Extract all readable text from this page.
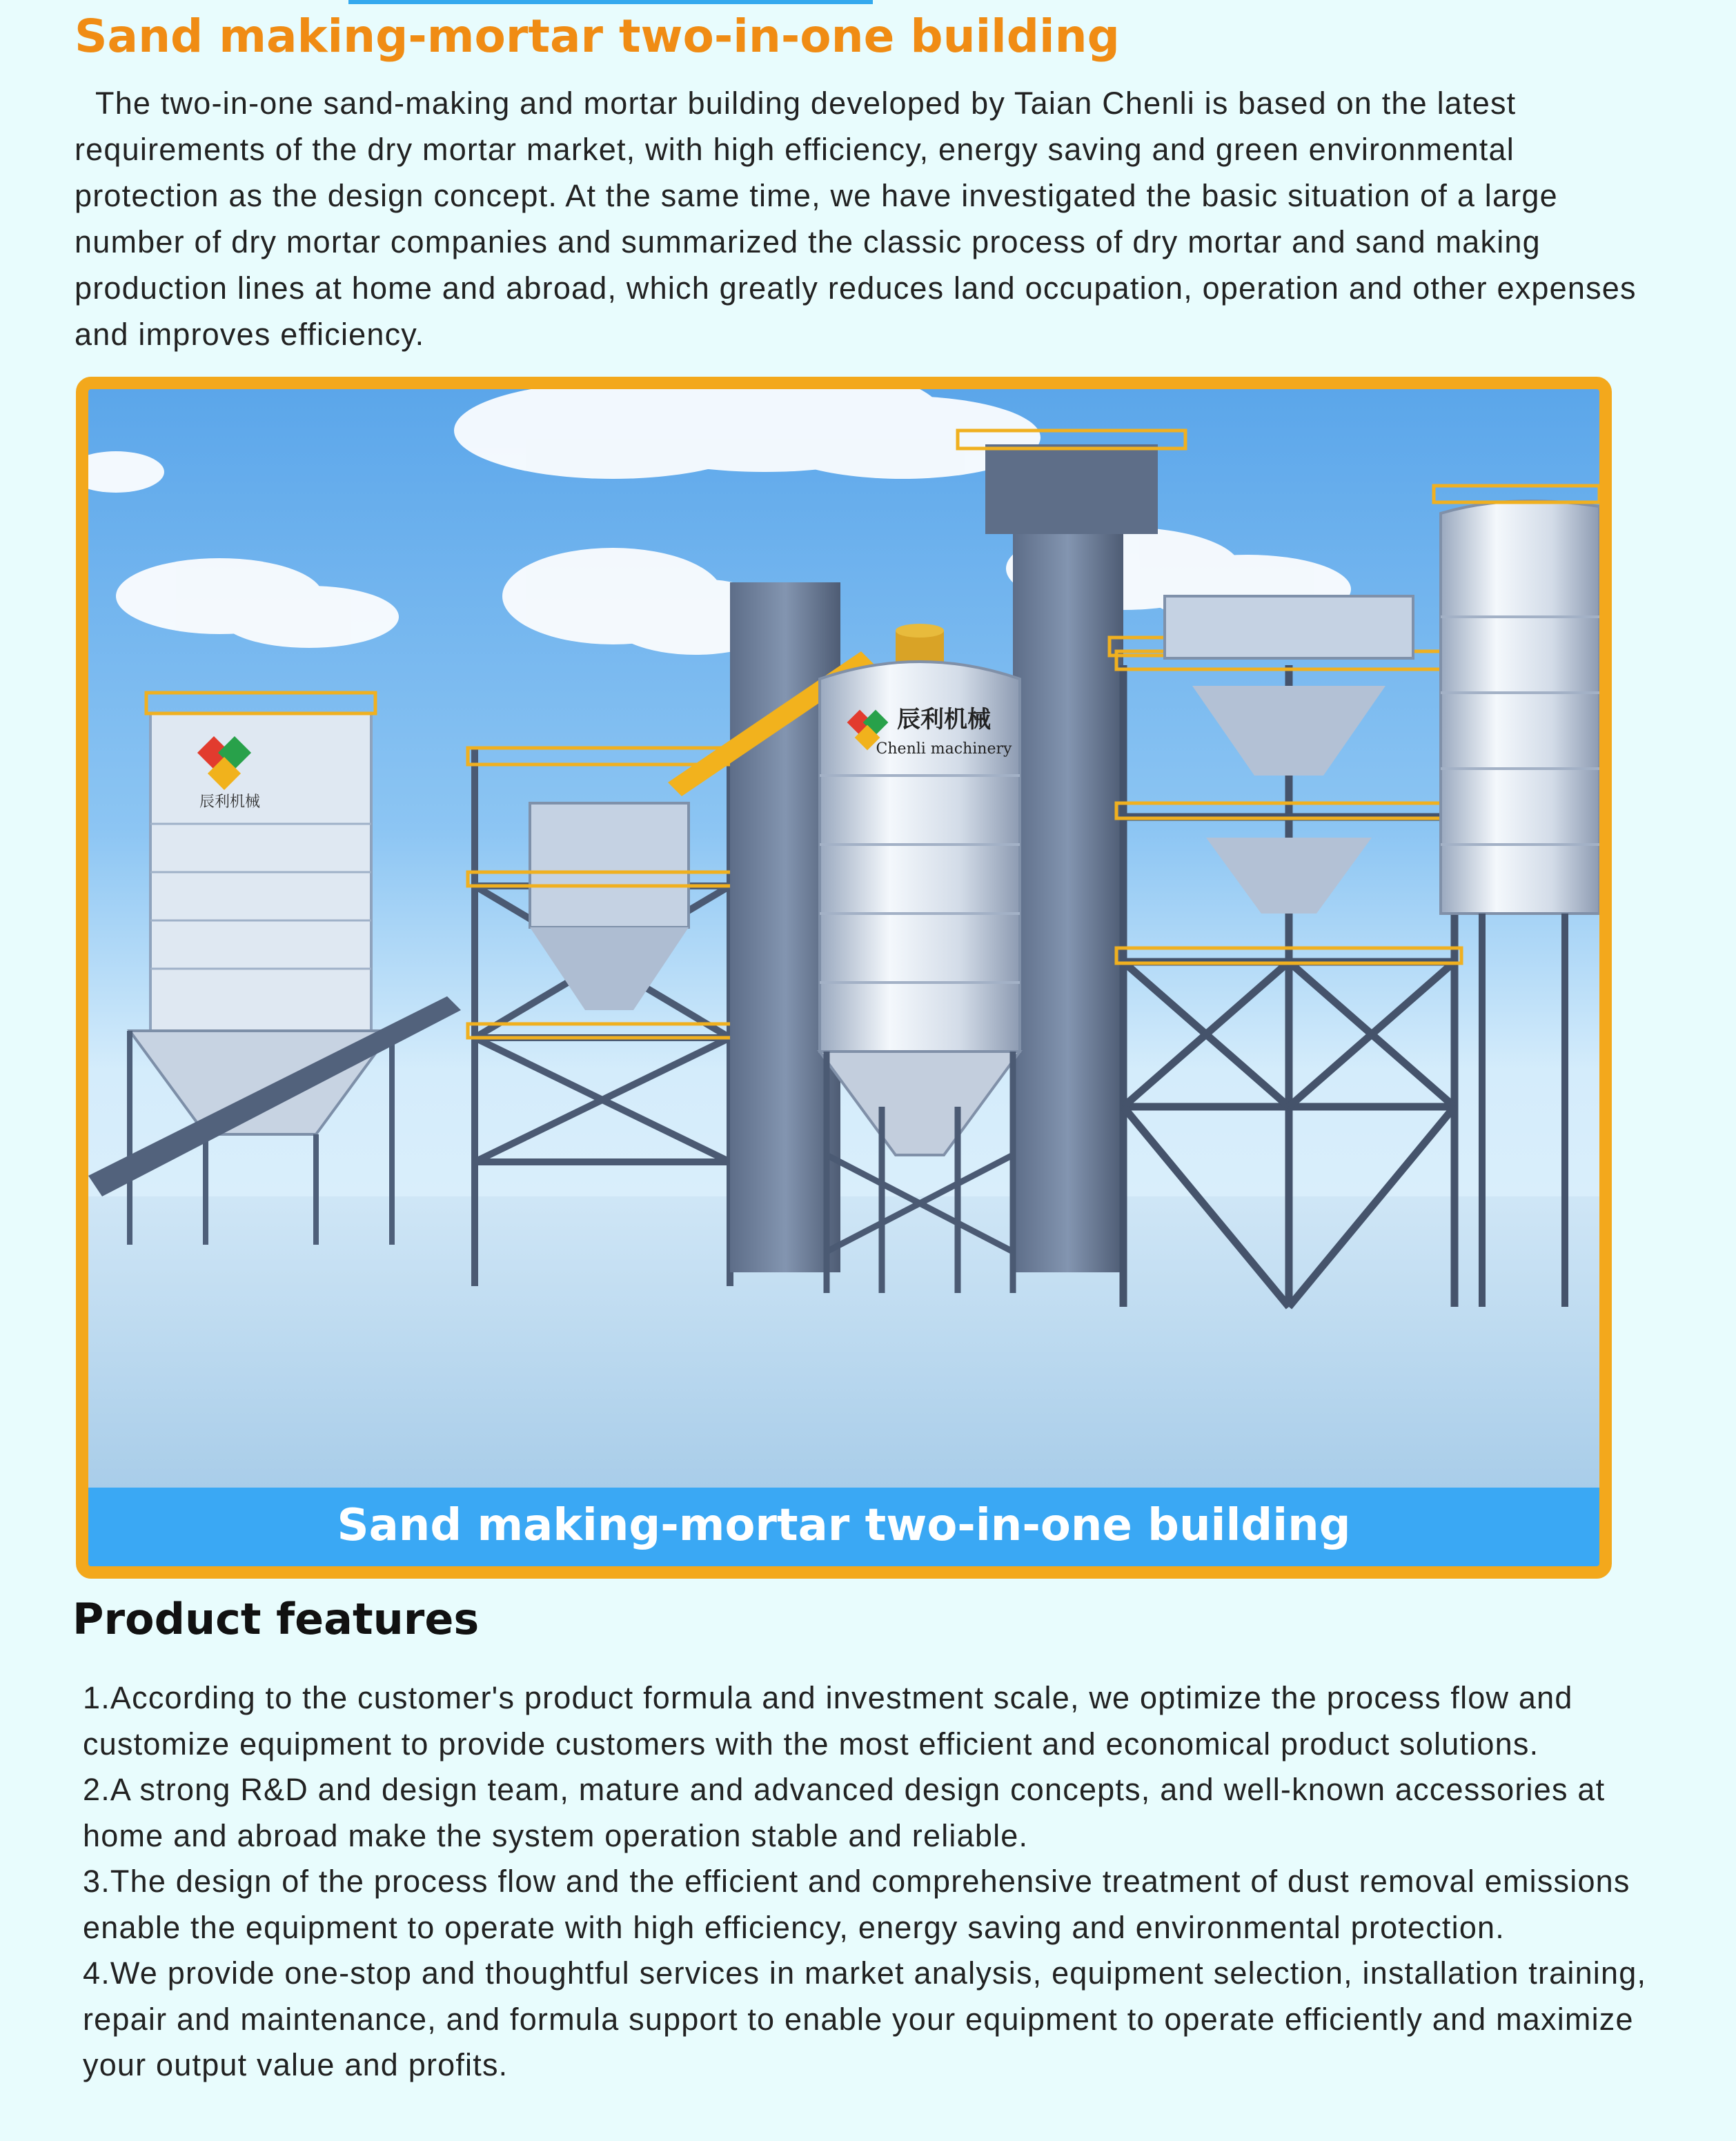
Sand making-mortar two-in-one building

The two-in-one sand-making and mortar building developed by Taian Chenli is based on the latest requirements of the dry mortar market, with high efficiency, energy saving and green environmental protection as the design concept. At the same time, we have investigated the basic situation of a large number of dry mortar companies and summarized the classic process of dry mortar and sand making production lines at home and abroad, which greatly reduces land occupation, operation and other expenses and improves efficiency.

辰利机械
辰利机械
Chenli machinery
Sand making-mortar two-in-one building
Product features
1.According to the customer's product formula and investment scale, we optimize the process flow and customize equipment to provide customers with the most efficient and economical product solutions.
2.A strong R&D and design team, mature and advanced design concepts, and well-known accessories at home and abroad make the system operation stable and reliable.
3.The design of the process flow and the efficient and comprehensive treatment of dust removal emissions enable the equipment to operate with high efficiency, energy saving and environmental protection.
4.We provide one-stop and thoughtful services in market analysis, equipment selection, installation training, repair and maintenance, and formula support to enable your equipment to operate efficiently and maximize your output value and profits.
